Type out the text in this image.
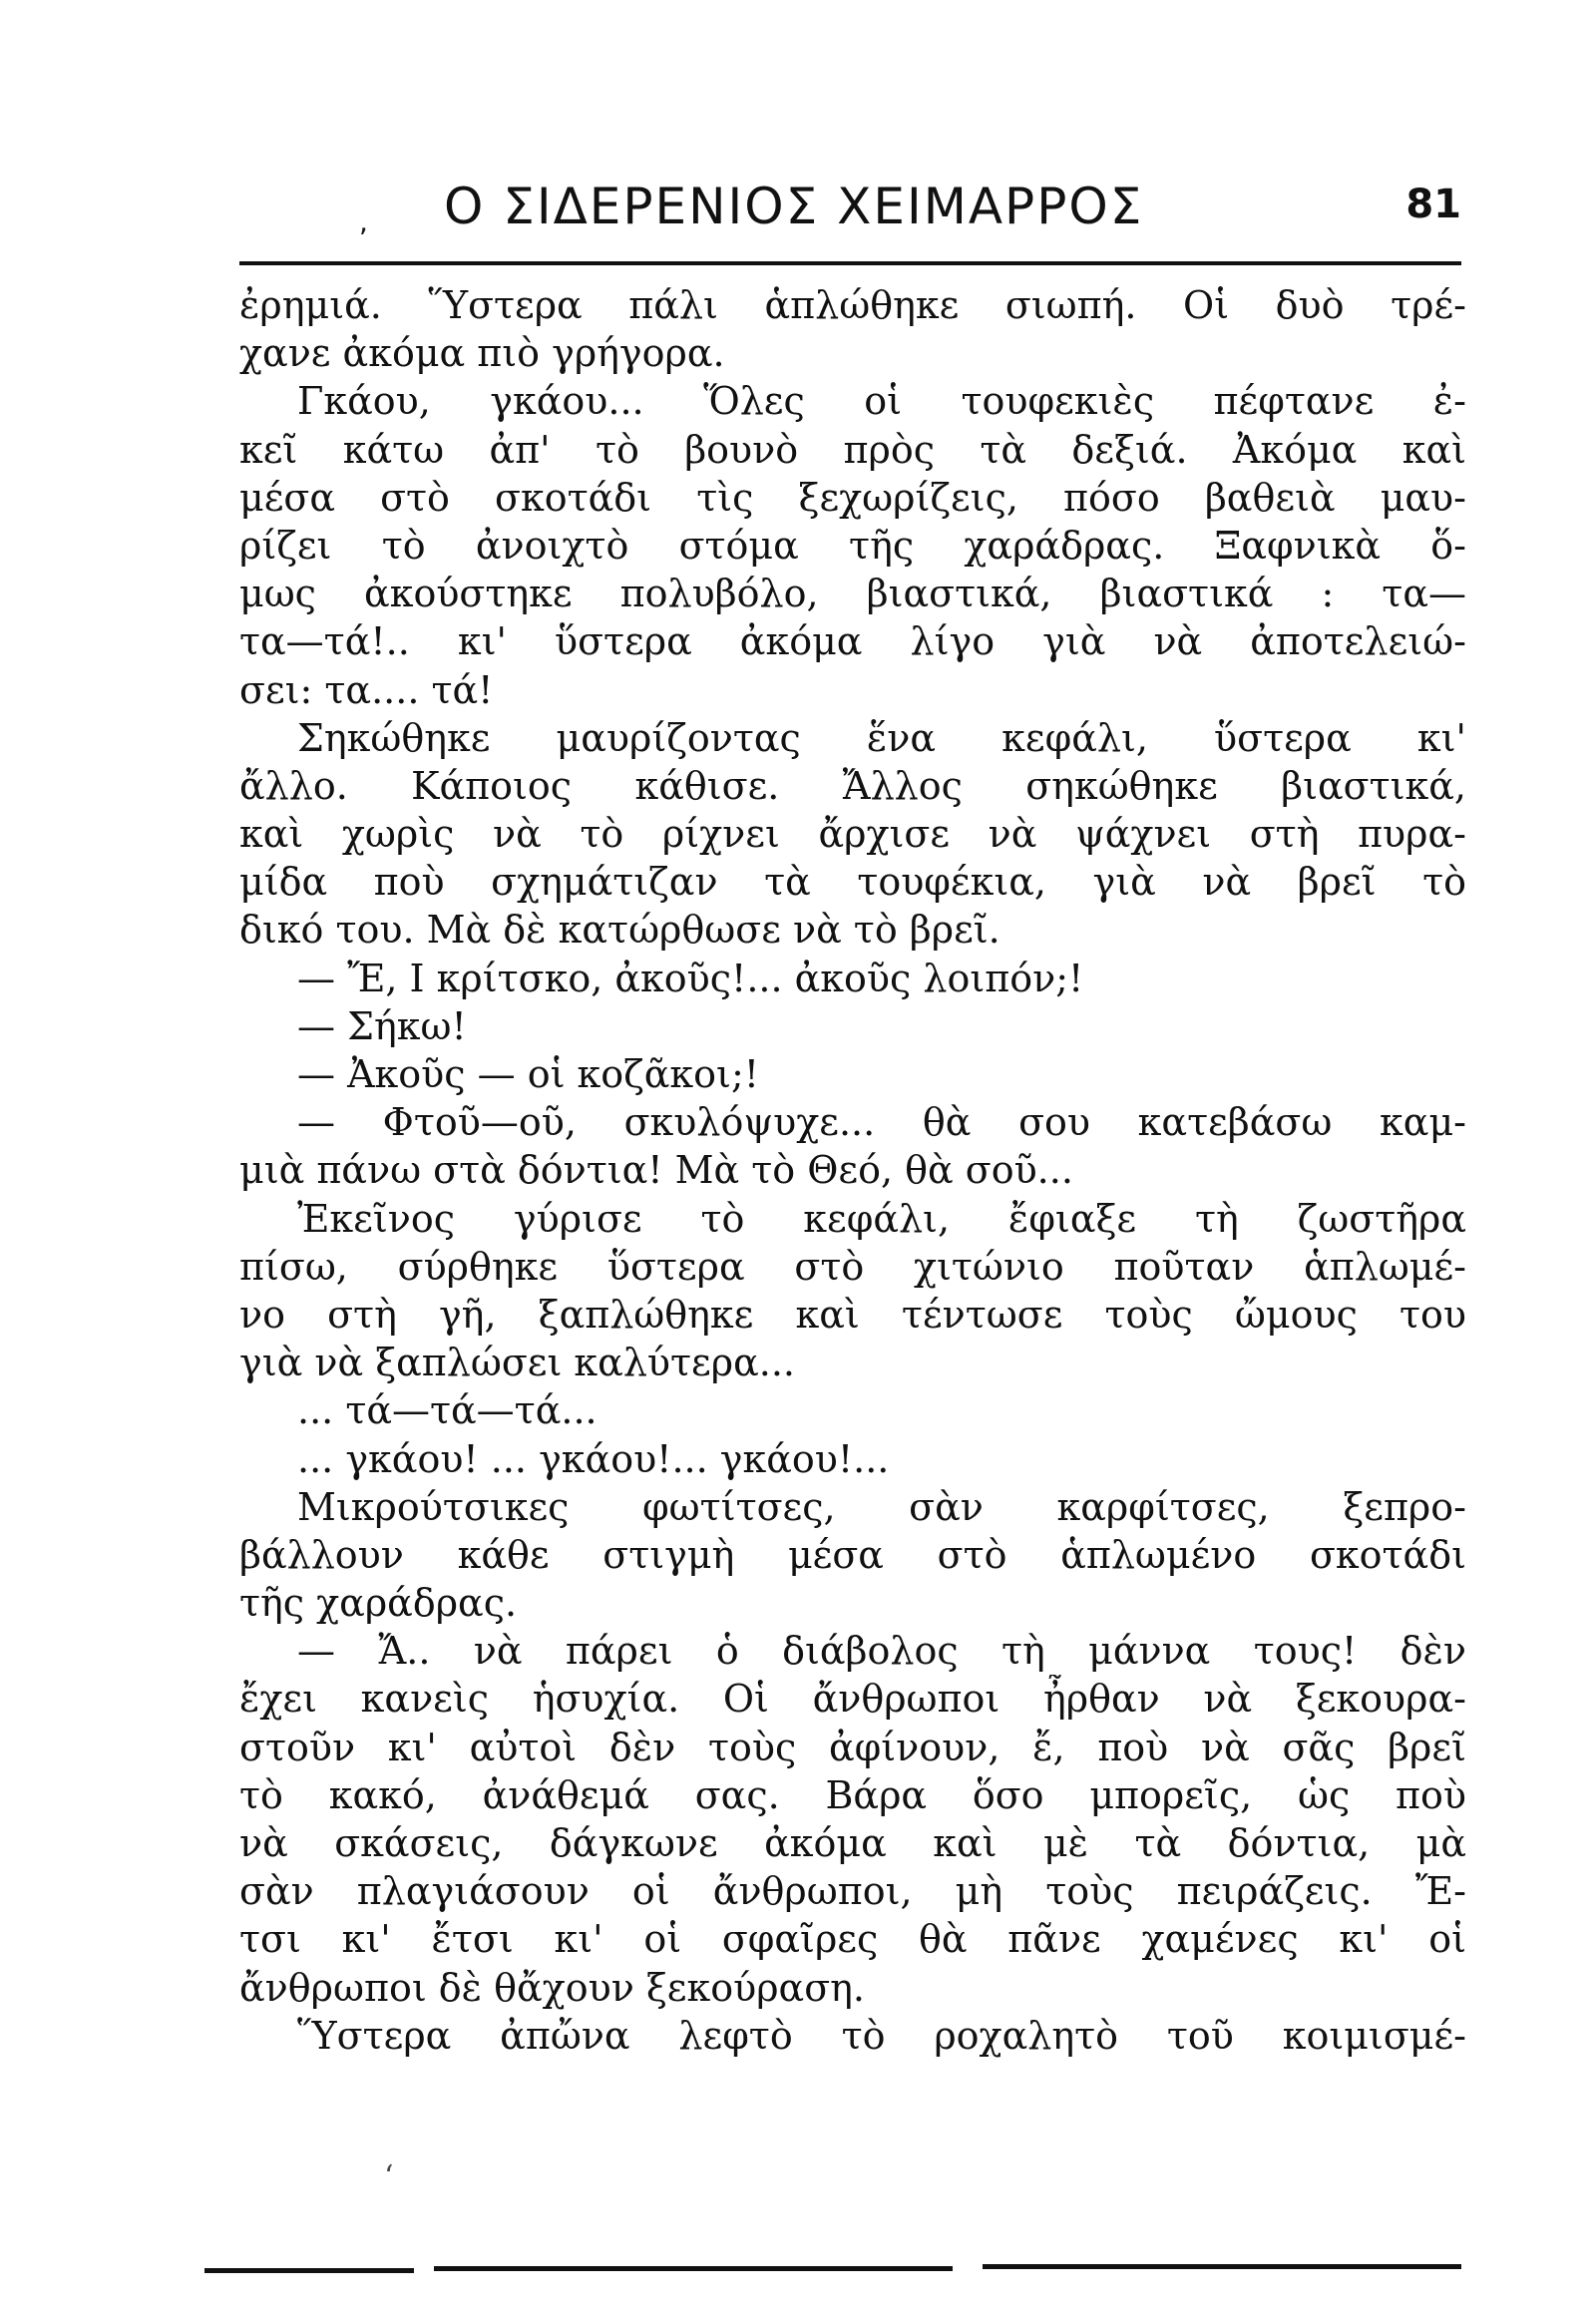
, Ο ΣΙΔΕΡΕΝΙΟΣ ΧΕΙΜΑΡΡΟΣ	81
ἐρημιά. Ὕστερα πάλι ἁπλώθηκε σιωπή. Οἱ δυὸ τρέ-
χανε ἀκόμα πιὸ γρήγορα.
Γκάου, γκάου... Ὅλες οἱ τουφεκιὲς πέφτανε ἐ-
κεῖ κάτω ἀπ' τὸ βουνὸ πρὸς τὰ δεξιά. Ἀκόμα καὶ
μέσα στὸ σκοτάδι τὶς ξεχωρίζεις, πόσο βαθειὰ μαυ-
ρίζει τὸ ἀνοιχτὸ στόμα τῆς χαράδρας. Ξαφνικὰ ὅ-
μως ἀκούστηκε πολυβόλο, βιαστικά, βιαστικά : τα—
τα—τά!.. κι' ὕστερα ἀκόμα λίγο γιὰ νὰ ἀποτελειώ-
σει: τα.... τά!
Σηκώθηκε μαυρίζοντας ἕνα κεφάλι, ὕστερα κι'
ἄλλο. Κάποιος κάθισε. Ἄλλος σηκώθηκε βιαστικά,
καὶ χωρὶς νὰ τὸ ρίχνει ἄρχισε νὰ ψάχνει στὴ πυρα-
μίδα ποὺ σχημάτιζαν τὰ τουφέκια, γιὰ νὰ βρεῖ τὸ
δικό του. Μὰ δὲ κατώρθωσε νὰ τὸ βρεῖ.
— Ἔ, Ι κρίτσκο, ἀκοῦς!... ἀκοῦς λοιπόν;!
— Σήκω!
— Ἀκοῦς — οἱ κοζᾶκοι;!
— Φτοῦ—οῦ, σκυλόψυχε... θὰ σου κατεβάσω καμ-
μιὰ πάνω στὰ δόντια! Μὰ τὸ Θεό, θὰ σοῦ...
Ἐκεῖνος γύρισε τὸ κεφάλι, ἔφιαξε τὴ ζωστῆρα
πίσω, σύρθηκε ὕστερα στὸ χιτώνιο ποῦταν ἁπλωμέ-
νο στὴ γῆ, ξαπλώθηκε καὶ τέντωσε τοὺς ὤμους του
γιὰ νὰ ξαπλώσει καλύτερα...
... τά—τά—τά...
... γκάου! ... γκάου!... γκάου!...
Μικρούτσικες φωτίτσες, σὰν καρφίτσες, ξεπρο-
βάλλουν κάθε στιγμὴ μέσα στὸ ἁπλωμένο σκοτάδι
τῆς χαράδρας.
— Ἄ.. νὰ πάρει ὁ διάβολος τὴ μάννα τους! δὲν
ἔχει κανεὶς ἡσυχία. Οἱ ἄνθρωποι ἦρθαν νὰ ξεκουρα-
στοῦν κι' αὐτοὶ δὲν τοὺς ἀφίνουν, ἔ, ποὺ νὰ σᾶς βρεῖ
τὸ κακό, ἀνάθεμά σας. Βάρα ὅσο μπορεῖς, ὡς ποὺ
νὰ σκάσεις, δάγκωνε ἀκόμα καὶ μὲ τὰ δόντια, μὰ
σὰν πλαγιάσουν οἱ ἄνθρωποι, μὴ τοὺς πειράζεις. Ἔ-
τσι κι' ἔτσι κι' οἱ σφαῖρες θὰ πᾶνε χαμένες κι' οἱ
ἄνθρωποι δὲ θἄχουν ξεκούραση.
Ὕστερα ἀπὤνα λεφτὸ τὸ ροχαλητὸ τοῦ κοιμισμέ-
ʻ
